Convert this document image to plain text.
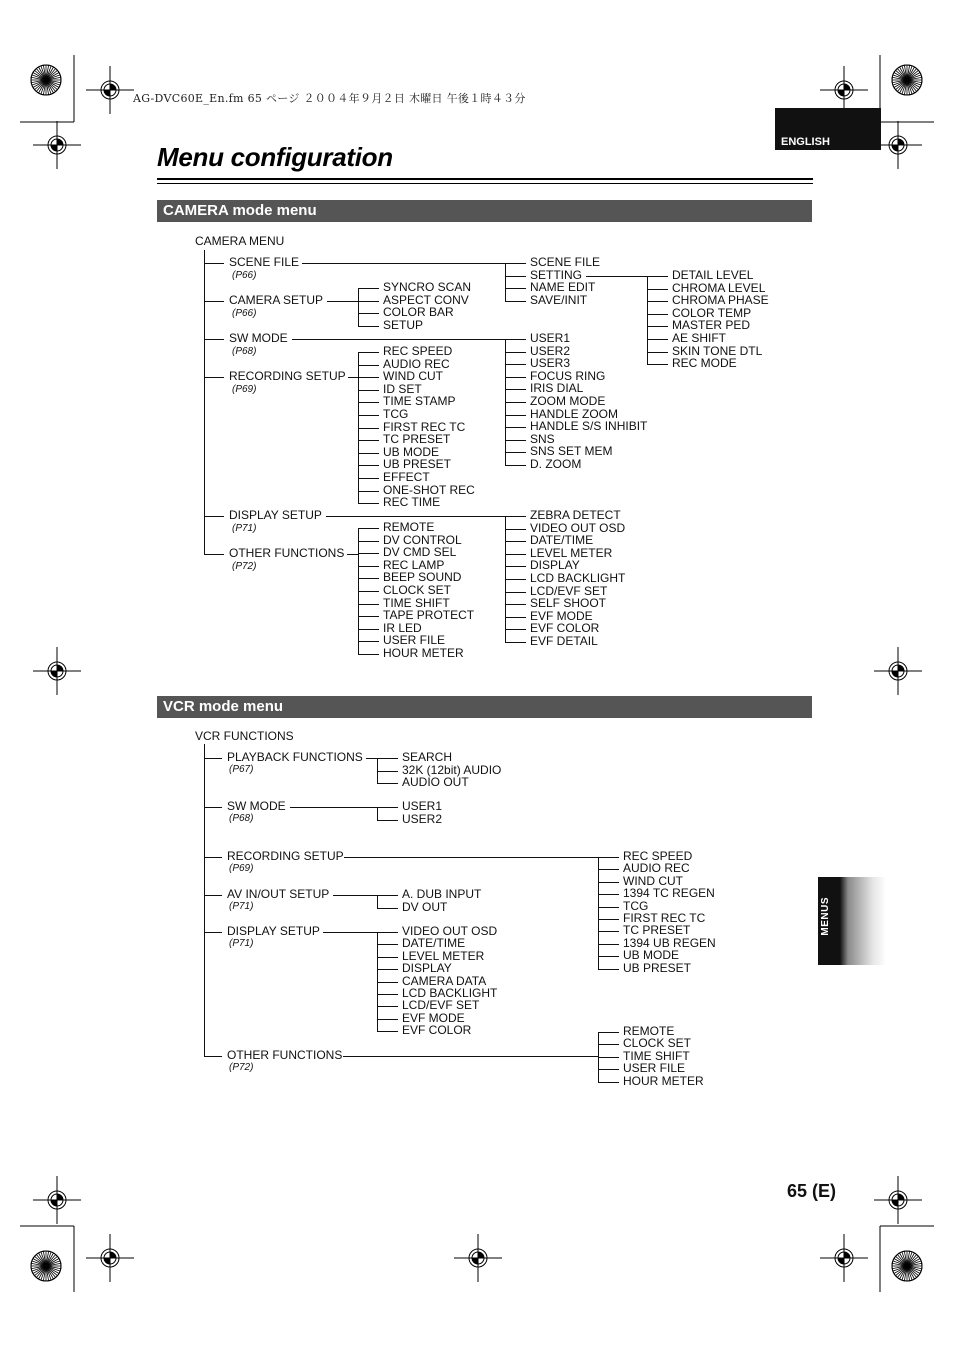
AG-DVC60E_En.fm 65 ページ ２００４年９月２日 木曜日 午後１時４３分
ENGLISH
Menu configuration
CAMERA mode menu
VCR mode menu
MENUS
65 (E)
CAMERA MENU
SCENE FILE
(P66)
CAMERA SETUP
(P66)
SW MODE
(P68)
RECORDING SETUP
(P69)
DISPLAY SETUP
(P71)
OTHER FUNCTIONS
(P72)
SCENE FILE
SETTING
NAME EDIT
SAVE/INIT
DETAIL LEVEL
CHROMA LEVEL
CHROMA PHASE
COLOR TEMP
MASTER PED
AE SHIFT
SKIN TONE DTL
REC MODE
SYNCRO SCAN
ASPECT CONV
COLOR BAR
SETUP
USER1
USER2
USER3
FOCUS RING
IRIS DIAL
ZOOM MODE
HANDLE ZOOM
HANDLE S/S INHIBIT
SNS
SNS SET MEM
D. ZOOM
REC SPEED
AUDIO REC
WIND CUT
ID SET
TIME STAMP
TCG
FIRST REC TC
TC PRESET
UB MODE
UB PRESET
EFFECT
ONE-SHOT REC
REC TIME
ZEBRA DETECT
VIDEO OUT OSD
DATE/TIME
LEVEL METER
DISPLAY
LCD BACKLIGHT
LCD/EVF SET
SELF SHOOT
EVF MODE
EVF COLOR
EVF DETAIL
REMOTE
DV CONTROL
DV CMD SEL
REC LAMP
BEEP SOUND
CLOCK SET
TIME SHIFT
TAPE PROTECT
IR LED
USER FILE
HOUR METER
VCR FUNCTIONS
PLAYBACK FUNCTIONS
(P67)
SW MODE
(P68)
RECORDING SETUP
(P69)
AV IN/OUT SETUP
(P71)
DISPLAY SETUP
(P71)
OTHER FUNCTIONS
(P72)
SEARCH
32K (12bit) AUDIO
AUDIO OUT
USER1
USER2
REC SPEED
AUDIO REC
WIND CUT
1394 TC REGEN
TCG
FIRST REC TC
TC PRESET
1394 UB REGEN
UB MODE
UB PRESET
A. DUB INPUT
DV OUT
VIDEO OUT OSD
DATE/TIME
LEVEL METER
DISPLAY
CAMERA DATA
LCD BACKLIGHT
LCD/EVF SET
EVF MODE
EVF COLOR	REMOTE
CLOCK SET
TIME SHIFT
USER FILE
HOUR METER
